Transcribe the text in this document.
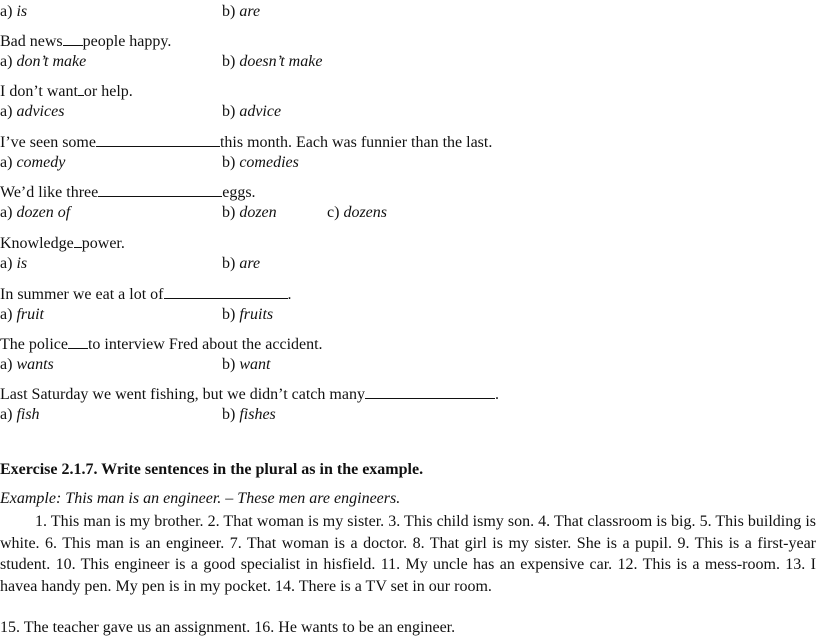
a) is	b) are
Bad news people happy.
a) don’t make	b) doesn’t make
I don’t want or help.
a) advices	b) advice
I’ve seen some	this month. Each was funnier than the last.
a) comedy	b) comedies
We’d like three	eggs.
a) dozen of	b) dozen	c) dozens
Knowledge power.
a) is	b) are
In summer we eat a lot of	.
a) fruit	b) fruits
The police to interview Fred about the accident.
a) wants	b) want
Last Saturday we went fishing, but we didn’t catch many	.
a) fish	b) fishes
Exercise 2.1.7. Write sentences in the plural as in the example.
Example: This man is an engineer. – These men are engineers.

1. This man is my brother. 2. That woman is my sister. 3. This child ismy son. 4. That classroom is big. 5. This building is white. 6. This man is an engineer. 7. That woman is a doctor. 8. That girl is my sister. She is a pupil. 9. This is a first-year student. 10. This engineer is a good specialist in hisfield. 11. My uncle has an expensive car. 12. This is a mess-room. 13. I havea handy pen. My pen is in my pocket. 14. There is a TV set in our room.

15. The teacher gave us an assignment. 16. He wants to be an engineer.
